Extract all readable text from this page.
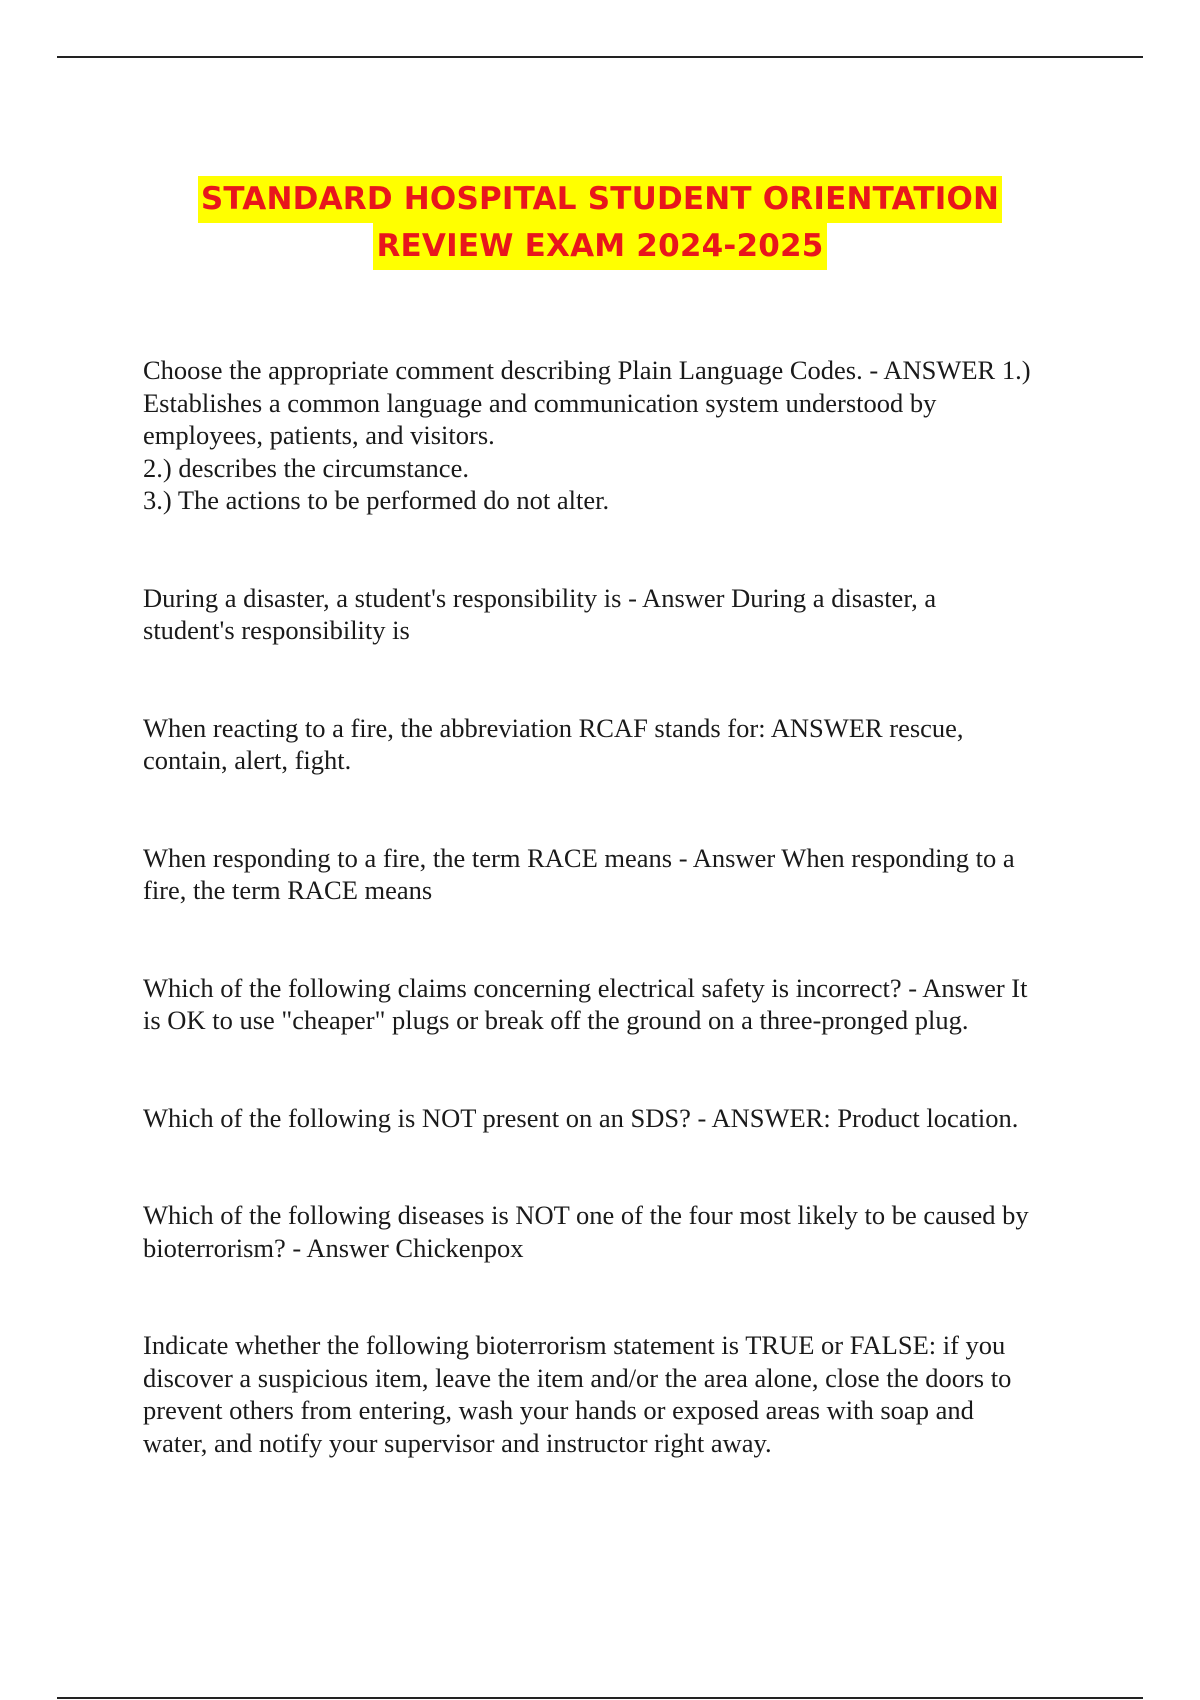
STANDARD HOSPITAL STUDENT ORIENTATION
REVIEW EXAM 2024-2025
Choose the appropriate comment describing Plain Language Codes. - ANSWER 1.)
Establishes a common language and communication system understood by
employees, patients, and visitors.
2.) describes the circumstance.
3.) The actions to be performed do not alter.
During a disaster, a student's responsibility is - Answer During a disaster, a
student's responsibility is
When reacting to a fire, the abbreviation RCAF stands for: ANSWER rescue,
contain, alert, fight.
When responding to a fire, the term RACE means - Answer When responding to a
fire, the term RACE means
Which of the following claims concerning electrical safety is incorrect? - Answer It
is OK to use "cheaper" plugs or break off the ground on a three-pronged plug.
Which of the following is NOT present on an SDS? - ANSWER: Product location.
Which of the following diseases is NOT one of the four most likely to be caused by
bioterrorism? - Answer Chickenpox
Indicate whether the following bioterrorism statement is TRUE or FALSE: if you
discover a suspicious item, leave the item and/or the area alone, close the doors to
prevent others from entering, wash your hands or exposed areas with soap and
water, and notify your supervisor and instructor right away.
